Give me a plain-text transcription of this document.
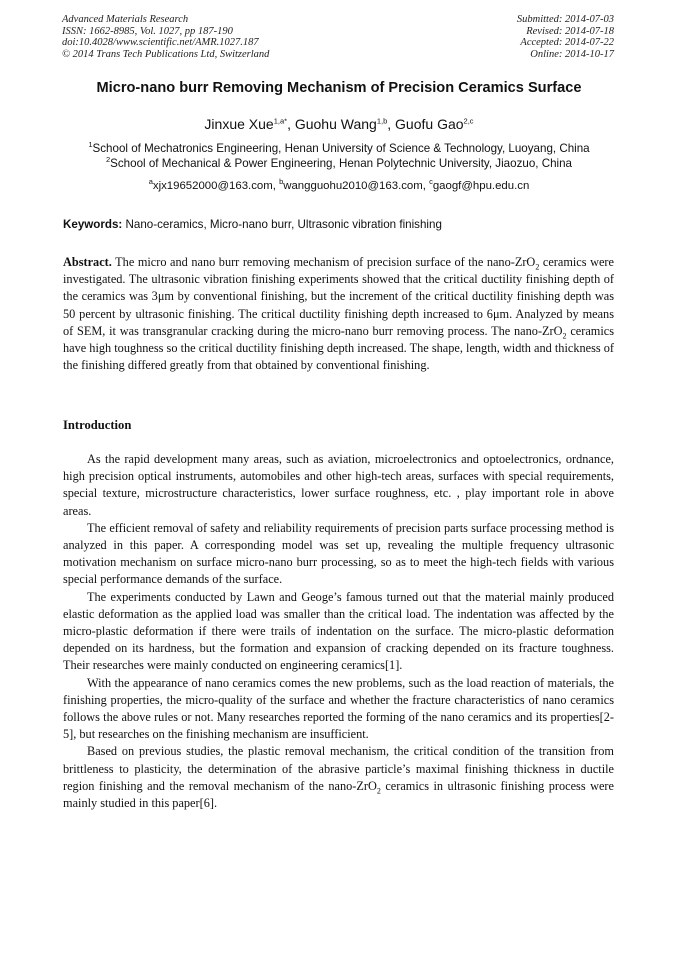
Advanced Materials Research
ISSN: 1662-8985, Vol. 1027, pp 187-190
doi:10.4028/www.scientific.net/AMR.1027.187
© 2014 Trans Tech Publications Ltd, Switzerland
Submitted: 2014-07-03
Revised: 2014-07-18
Accepted: 2014-07-22
Online: 2014-10-17
Micro-nano burr Removing Mechanism of Precision Ceramics Surface
Jinxue Xue$^{1,a*}$, Guohu Wang$^{1,b}$, Guofu Gao$^{2,c}$
$^1$School of Mechatronics Engineering, Henan University of Science & Technology, Luoyang, China
$^2$School of Mechanical & Power Engineering, Henan Polytechnic University, Jiaozuo, China
$^a$xjx19652000@163.com, $^b$wangguohu2010@163.com, $^c$gaogf@hpu.edu.cn
Keywords: Nano-ceramics, Micro-nano burr, Ultrasonic vibration finishing
Abstract. The micro and nano burr removing mechanism of precision surface of the nano-ZrO$_2$ ceramics were investigated. The ultrasonic vibration finishing experiments showed that the critical ductility finishing depth of the ceramics was 3μm by conventional finishing, but the increment of the critical ductility finishing depth was 50 percent by ultrasonic finishing. The critical ductility finishing depth increased to 6μm. Analyzed by means of SEM, it was transgranular cracking during the micro-nano burr removing process. The nano-ZrO$_2$ ceramics have high toughness so the critical ductility finishing depth increased. The shape, length, width and thickness of the finishing differed greatly from that obtained by conventional finishing.
Introduction

As the rapid development many areas, such as aviation, microelectronics and optoelectronics, ordnance, high precision optical instruments, automobiles and other high-tech areas, surfaces with special requirements, special texture, microstructure characteristics, lower surface roughness, etc. , play important role in above areas.

The efficient removal of safety and reliability requirements of precision parts surface processing method is analyzed in this paper. A corresponding model was set up, revealing the multiple frequency ultrasonic motivation mechanism on surface micro-nano burr processing, so as to meet the high-tech fields with various special performance demands of the surface.

The experiments conducted by Lawn and Geoge’s famous turned out that the material mainly produced elastic deformation as the applied load was smaller than the critical load. The indentation was affected by the micro-plastic deformation if there were trails of indentation on the surface. The micro-plastic deformation depended on its hardness, but the formation and expansion of cracking depended on its fracture toughness. Their researches were mainly conducted on engineering ceramics[1].

With the appearance of nano ceramics comes the new problems, such as the load reaction of materials, the finishing properties, the micro-quality of the surface and whether the fracture characteristics of nano ceramics follows the above rules or not. Many researches reported the forming of the nano ceramics and its properties[2-5], but researches on the finishing mechanism are insufficient.

Based on previous studies, the plastic removal mechanism, the critical condition of the transition from brittleness to plasticity, the determination of the abrasive particle’s maximal finishing thickness in ductile region finishing and the removal mechanism of the nano-ZrO$_2$ ceramics in ultrasonic finishing process were mainly studied in this paper[6].
